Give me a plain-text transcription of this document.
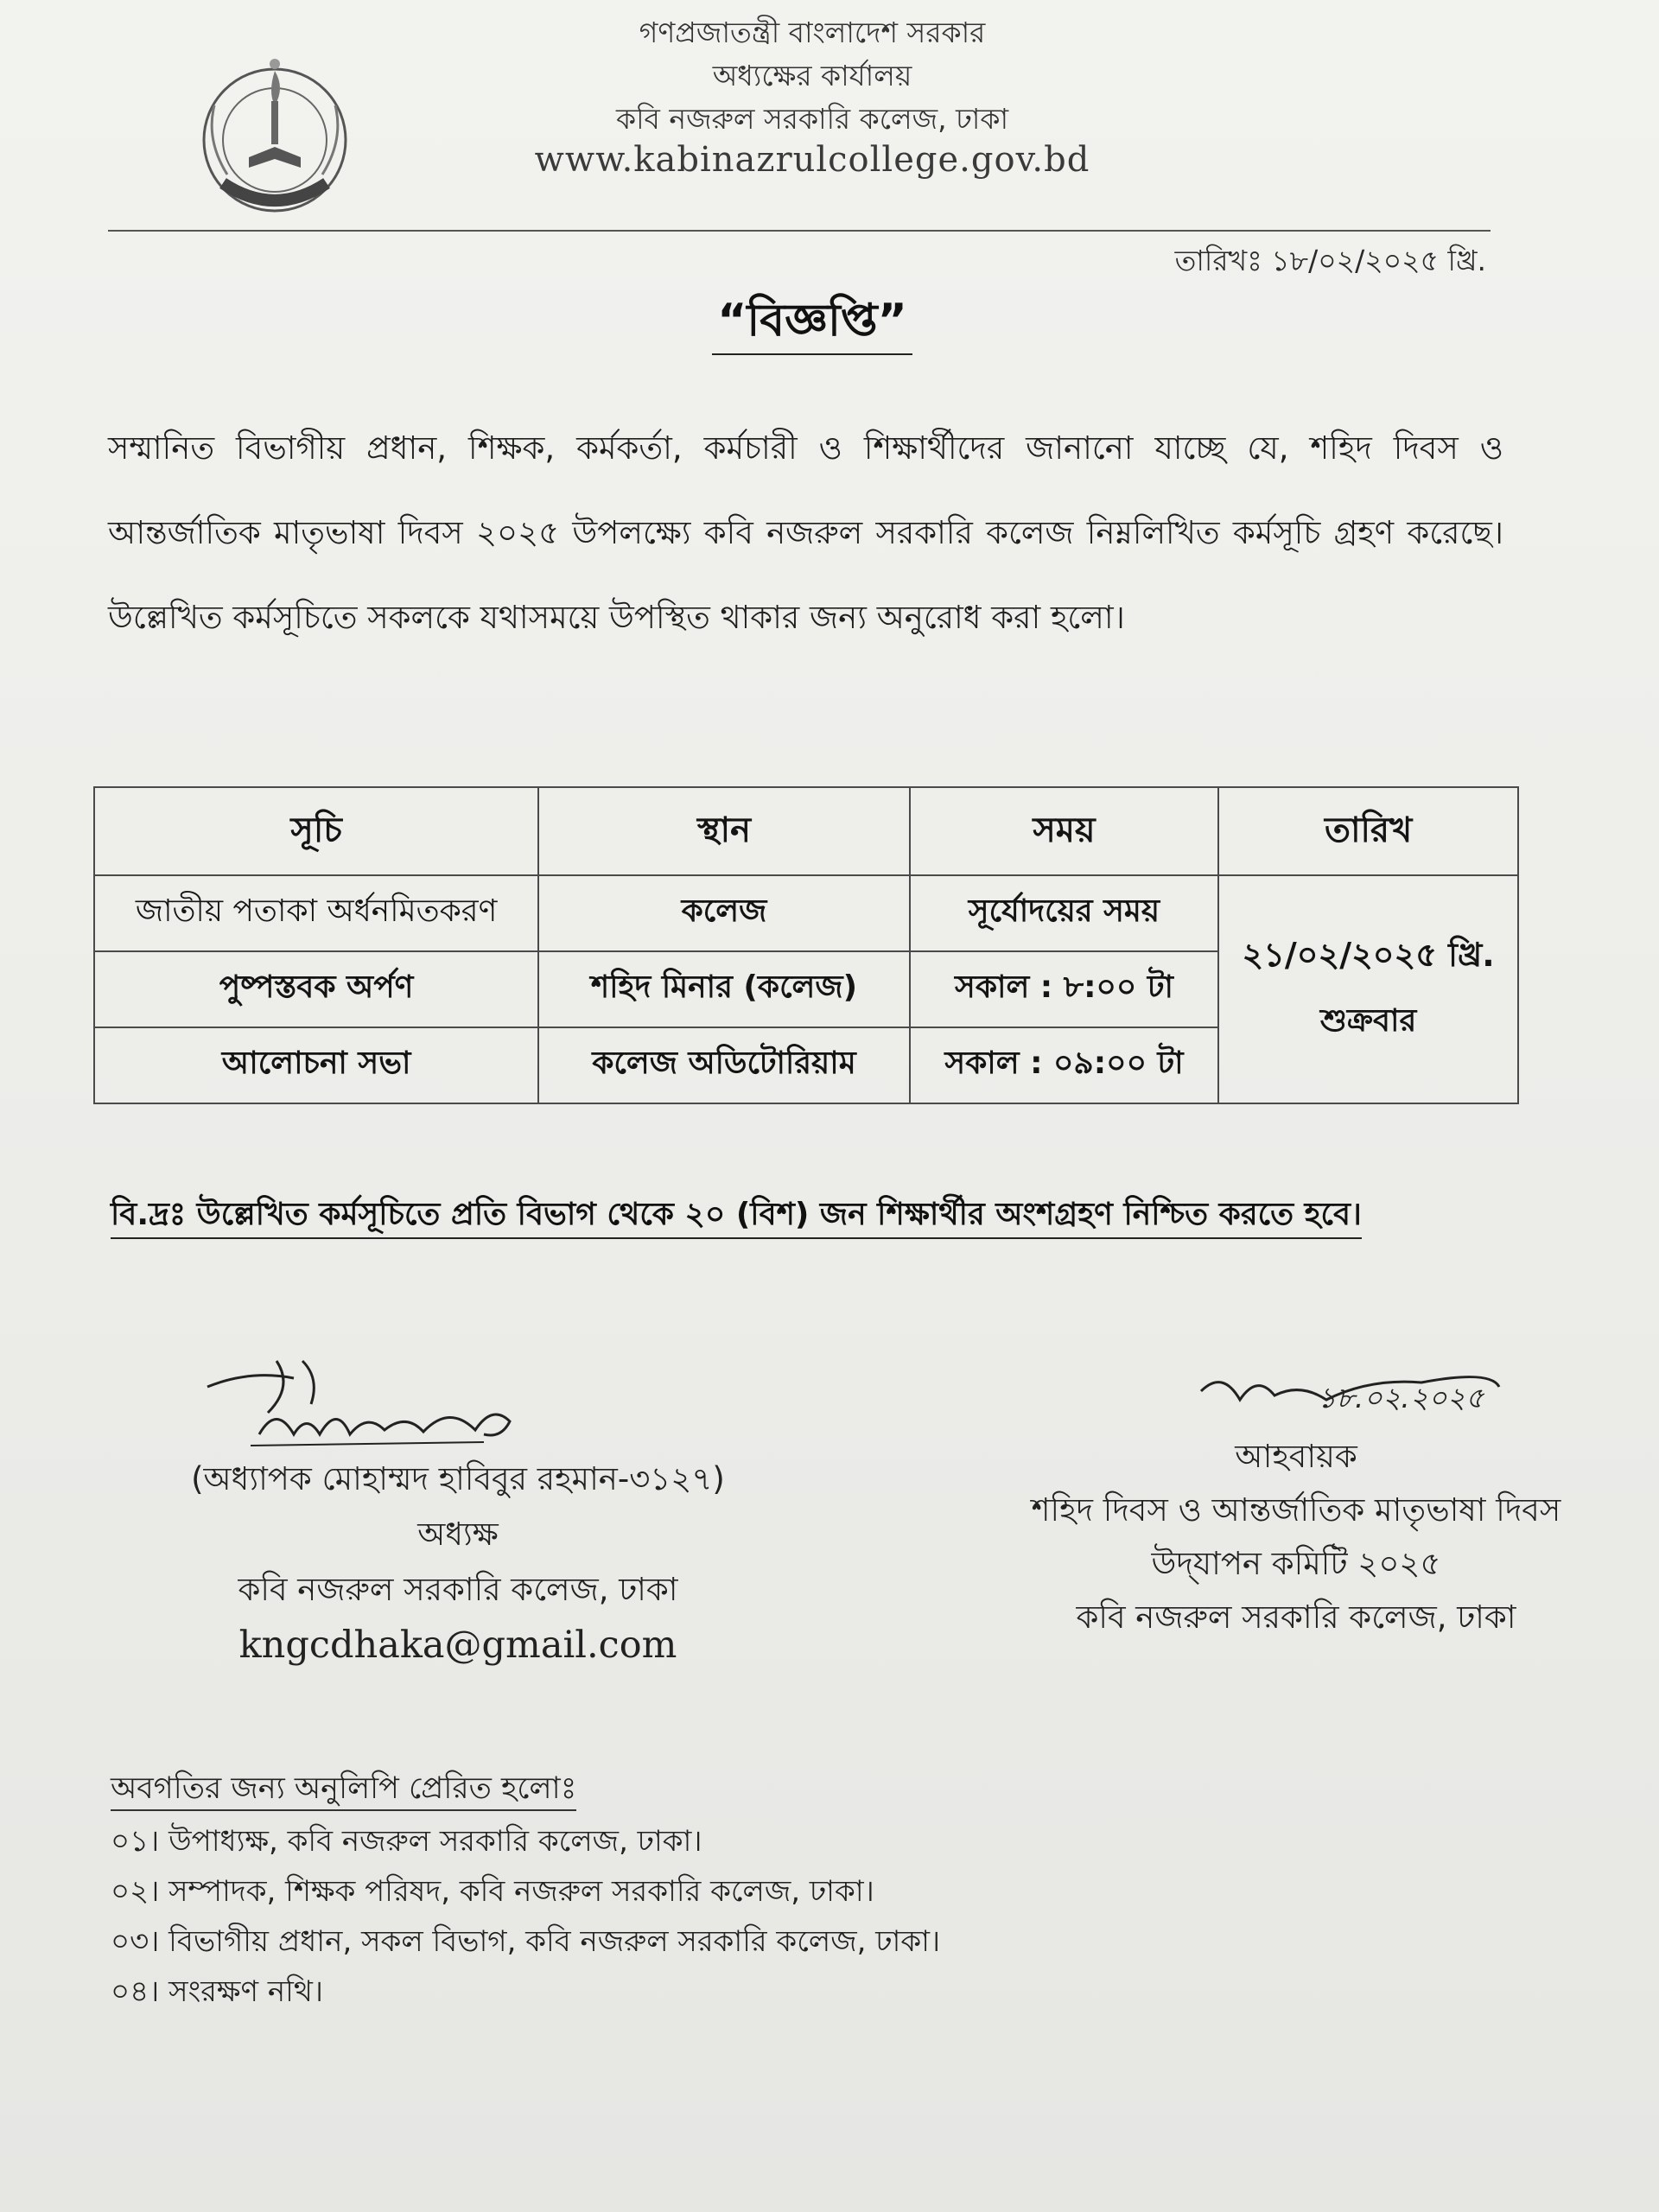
গণপ্রজাতন্ত্রী বাংলাদেশ সরকার
অধ্যক্ষের কার্যালয়
কবি নজরুল সরকারি কলেজ, ঢাকা
www.kabinazrulcollege.gov.bd
তারিখঃ ১৮/০২/২০২৫ খ্রি.
“বিজ্ঞপ্তি”
সম্মানিত বিভাগীয় প্রধান, শিক্ষক, কর্মকর্তা, কর্মচারী ও শিক্ষার্থীদের জানানো যাচ্ছে যে, শহিদ দিবস ও আন্তর্জাতিক মাতৃভাষা দিবস ২০২৫ উপলক্ষ্যে কবি নজরুল সরকারি কলেজ নিম্নলিখিত কর্মসূচি গ্রহণ করেছে। উল্লেখিত কর্মসূচিতে সকলকে যথাসময়ে উপস্থিত থাকার জন্য অনুরোধ করা হলো।
সূচি	স্থান	সময়	তারিখ
জাতীয় পতাকা অর্ধনমিতকরণ	কলেজ	সূর্যোদয়ের সময়	২১/০২/২০২৫ খ্রি.
শুক্রবার

পুষ্পস্তবক অর্পণ	শহিদ মিনার (কলেজ)	সকাল : ৮:০০ টা	
আলোচনা সভা	কলেজ অডিটোরিয়াম	সকাল : ০৯:০০ টা	
বি.দ্রঃ উল্লেখিত কর্মসূচিতে প্রতি বিভাগ থেকে ২০ (বিশ) জন শিক্ষার্থীর অংশগ্রহণ নিশ্চিত করতে হবে।
(অধ্যাপক মোহাম্মদ হাবিবুর রহমান-৩১২৭)
অধ্যক্ষ
কবি নজরুল সরকারি কলেজ, ঢাকা
kngcdhaka@gmail.com
১৮.০২.২০২৫
আহবায়ক
শহিদ দিবস ও আন্তর্জাতিক মাতৃভাষা দিবস
উদ্‌যাপন কমিটি ২০২৫
কবি নজরুল সরকারি কলেজ, ঢাকা
অবগতির জন্য অনুলিপি প্রেরিত হলোঃ
০১। উপাধ্যক্ষ, কবি নজরুল সরকারি কলেজ, ঢাকা।
০২। সম্পাদক, শিক্ষক পরিষদ, কবি নজরুল সরকারি কলেজ, ঢাকা।
০৩। বিভাগীয় প্রধান, সকল বিভাগ, কবি নজরুল সরকারি কলেজ, ঢাকা।
০৪। সংরক্ষণ নথি।
